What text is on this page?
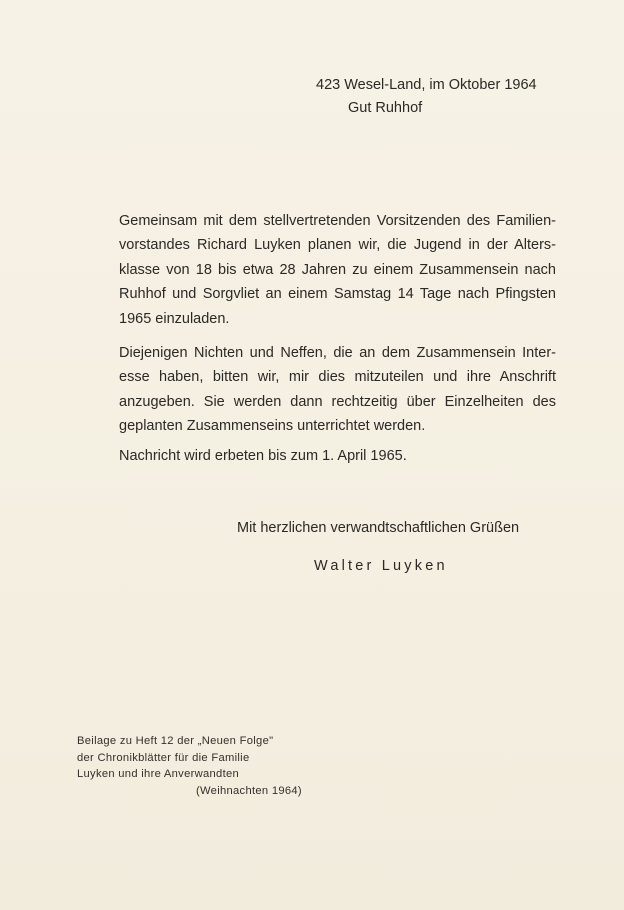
423 Wesel-Land, im Oktober 1964
Gut Ruhhof
Gemeinsam mit dem stellvertretenden Vorsitzenden des Familien-
vorstandes Richard Luyken planen wir, die Jugend in der Alters-
klasse von 18 bis etwa 28 Jahren zu einem Zusammensein nach
Ruhhof und Sorgvliet an einem Samstag 14 Tage nach Pfingsten
1965 einzuladen.
Diejenigen Nichten und Neffen, die an dem Zusammensein Inter-
esse haben, bitten wir, mir dies mitzuteilen und ihre Anschrift
anzugeben. Sie werden dann rechtzeitig über Einzelheiten des
geplanten Zusammenseins unterrichtet werden.
Nachricht wird erbeten bis zum 1. April 1965.
Mit herzlichen verwandtschaftlichen Grüßen
Walter Luyken
Beilage zu Heft 12 der „Neuen Folge"
der Chronikblätter für die Familie
Luyken und ihre Anverwandten
(Weihnachten 1964)
